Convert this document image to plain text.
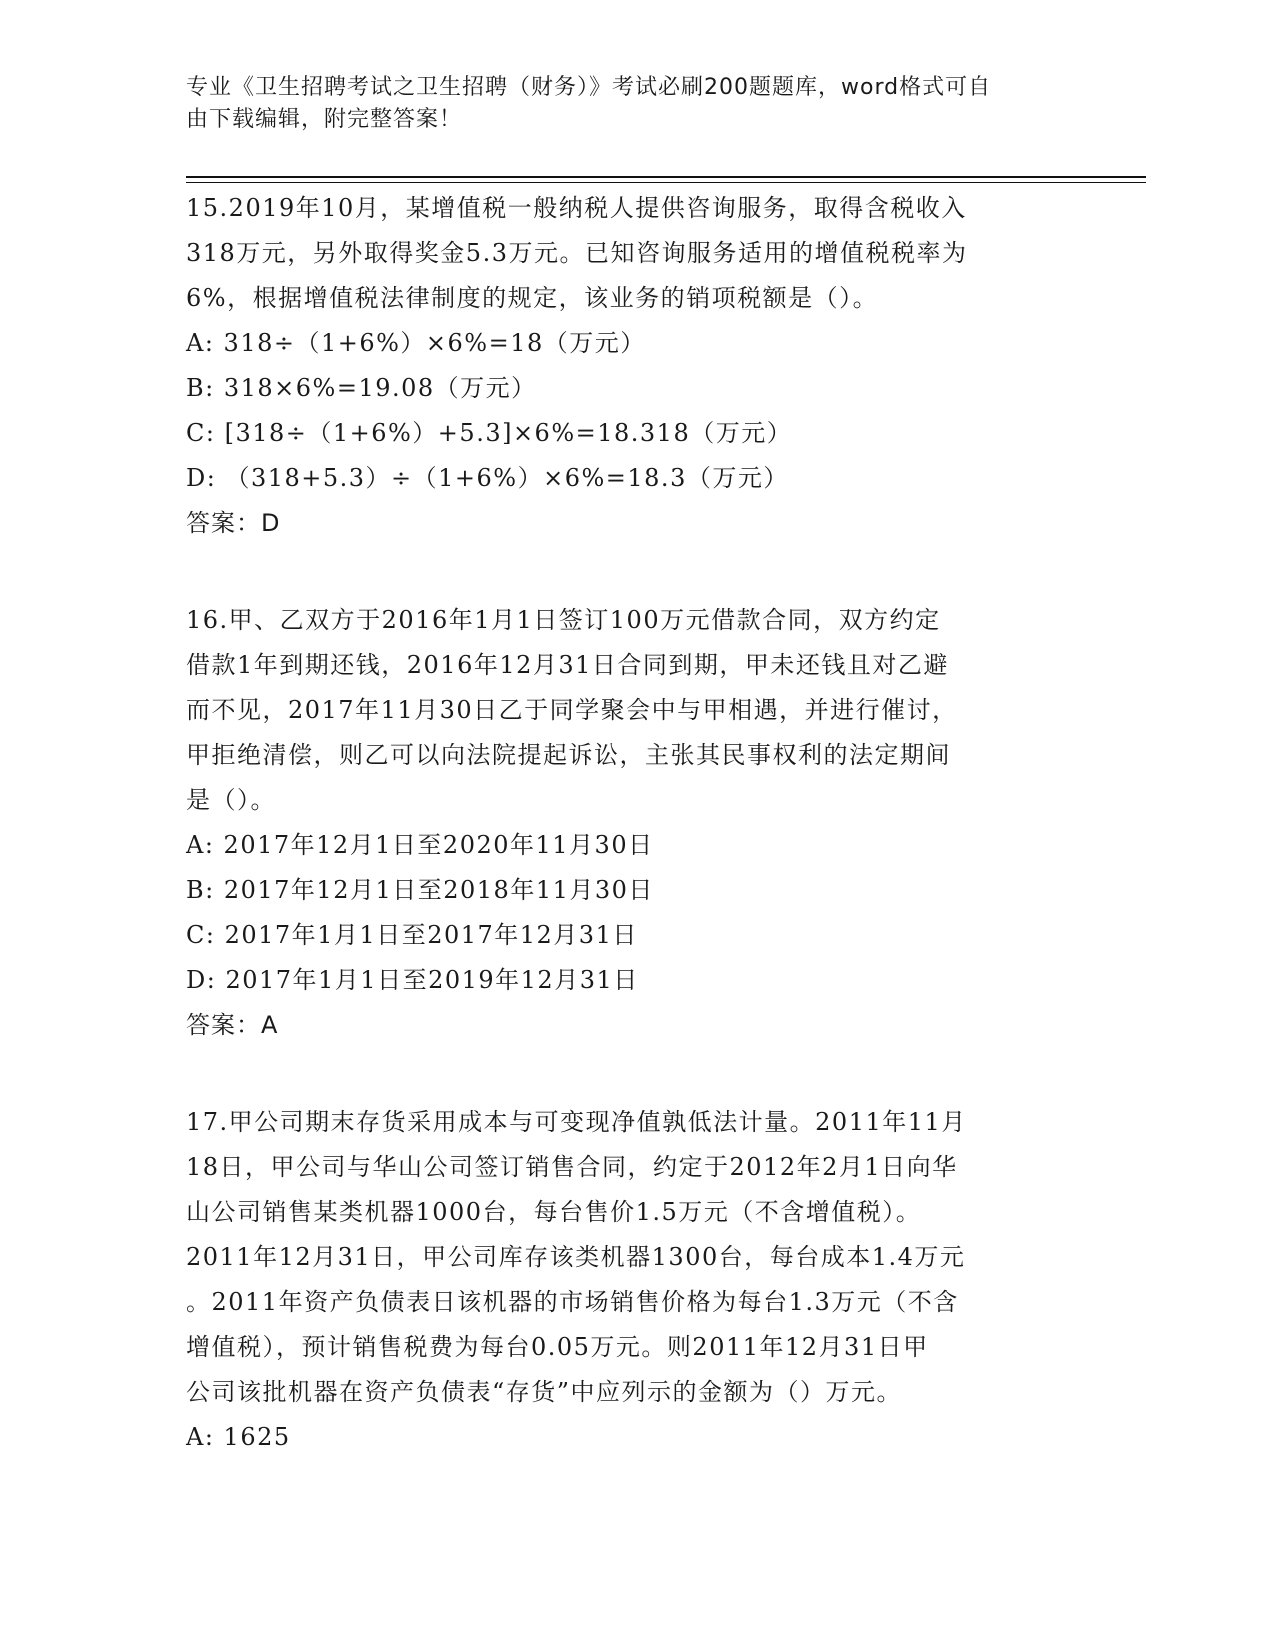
专业《卫生招聘考试之卫生招聘（财务）》考试必刷200题题库，word格式可自
由下载编辑，附完整答案！
15.2019年10月，某增值税一般纳税人提供咨询服务，取得含税收入
318万元，另外取得奖金5.3万元。已知咨询服务适用的增值税税率为
6%，根据增值税法律制度的规定，该业务的销项税额是（）。
A: 318÷（1+6%）×6%=18（万元）
B: 318×6%=19.08（万元）
C: [318÷（1+6%）+5.3]×6%=18.318（万元）
D: （318+5.3）÷（1+6%）×6%=18.3（万元）
答案：D
16.甲、乙双方于2016年1月1日签订100万元借款合同，双方约定
借款1年到期还钱，2016年12月31日合同到期，甲未还钱且对乙避
而不见，2017年11月30日乙于同学聚会中与甲相遇，并进行催讨，
甲拒绝清偿，则乙可以向法院提起诉讼，主张其民事权利的法定期间
是（）。
A: 2017年12月1日至2020年11月30日
B: 2017年12月1日至2018年11月30日
C: 2017年1月1日至2017年12月31日
D: 2017年1月1日至2019年12月31日
答案：A
17.甲公司期末存货采用成本与可变现净值孰低法计量。2011年11月
18日，甲公司与华山公司签订销售合同，约定于2012年2月1日向华
山公司销售某类机器1000台，每台售价1.5万元（不含增值税）。
2011年12月31日，甲公司库存该类机器1300台，每台成本1.4万元
。2011年资产负债表日该机器的市场销售价格为每台1.3万元（不含
增值税），预计销售税费为每台0.05万元。则2011年12月31日甲
公司该批机器在资产负债表“存货”中应列示的金额为（）万元。
A: 1625
